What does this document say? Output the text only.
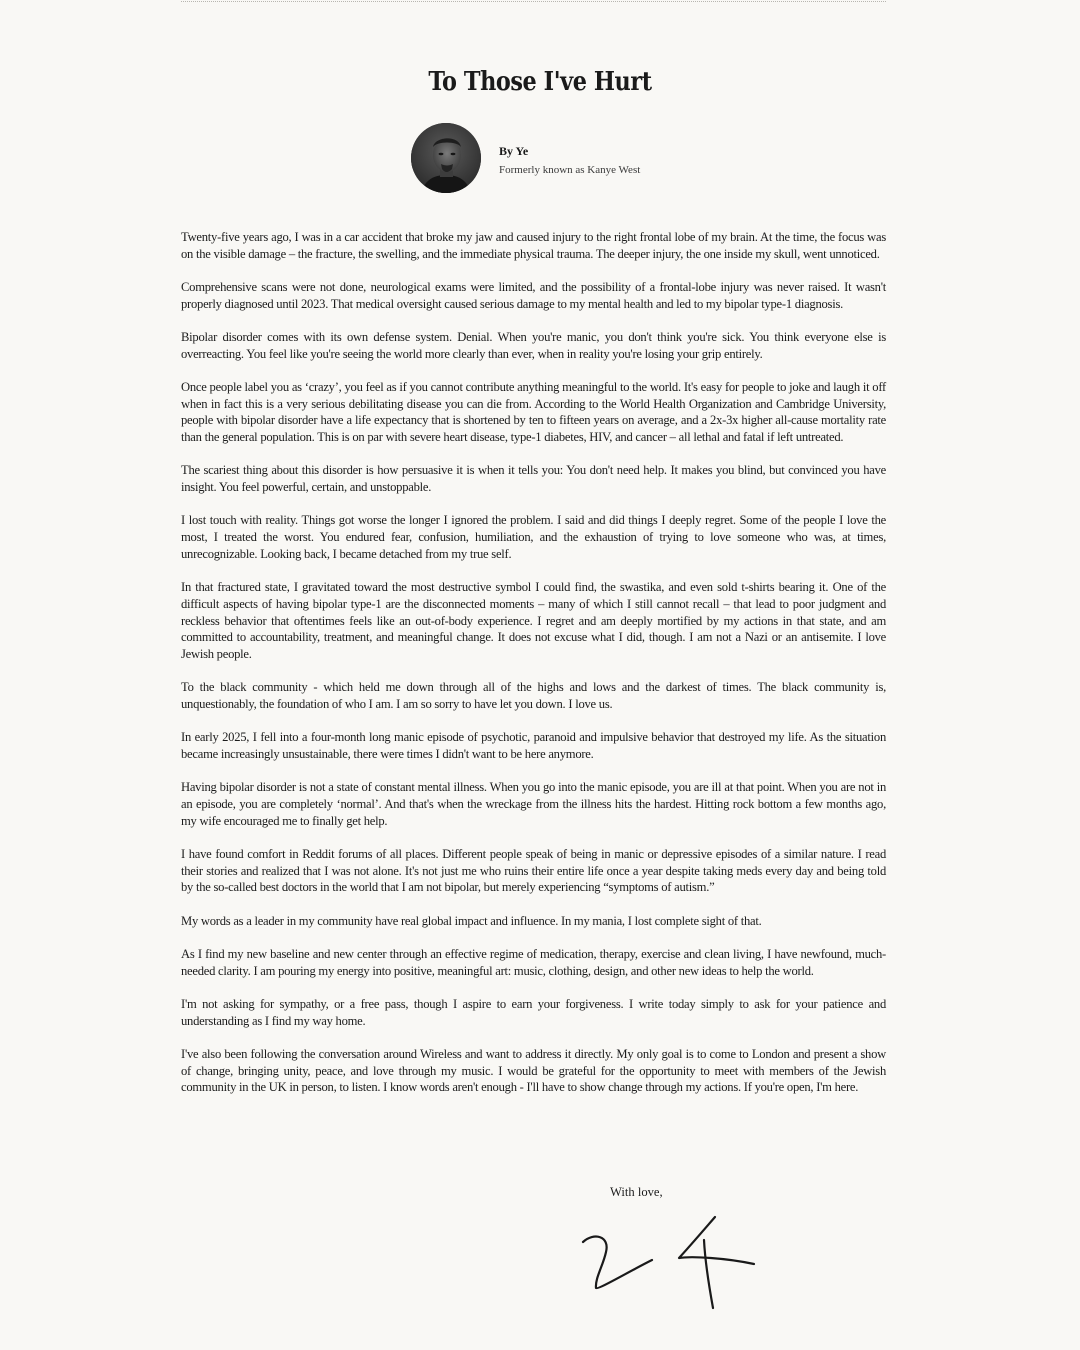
To Those I've Hurt
By Ye
Formerly known as Kanye West

Twenty-five years ago, I was in a car accident that broke my jaw and caused injury to the right frontal lobe of my brain. At the time, the focus was on the visible damage – the fracture, the swelling, and the immediate physical trauma. The deeper injury, the one inside my skull, went unnoticed.

Comprehensive scans were not done, neurological exams were limited, and the possibility of a frontal-lobe injury was never raised. It wasn't properly diagnosed until 2023. That medical oversight caused serious damage to my mental health and led to my bipolar type-1 diagnosis.

Bipolar disorder comes with its own defense system. Denial. When you're manic, you don't think you're sick. You think everyone else is overreacting. You feel like you're seeing the world more clearly than ever, when in reality you're losing your grip entirely.

Once people label you as ‘crazy’, you feel as if you cannot contribute anything meaningful to the world. It's easy for people to joke and laugh it off when in fact this is a very serious debilitating disease you can die from. According to the World Health Organization and Cambridge University, people with bipolar disorder have a life expectancy that is shortened by ten to fifteen years on average, and a 2x-3x higher all-cause mortality rate than the general population. This is on par with severe heart disease, type-1 diabetes, HIV, and cancer – all lethal and fatal if left untreated.

The scariest thing about this disorder is how persuasive it is when it tells you: You don't need help. It makes you blind, but convinced you have insight. You feel powerful, certain, and unstoppable.

I lost touch with reality. Things got worse the longer I ignored the problem. I said and did things I deeply regret. Some of the people I love the most, I treated the worst. You endured fear, confusion, humiliation, and the exhaustion of trying to love someone who was, at times, unrecognizable. Looking back, I became detached from my true self.

In that fractured state, I gravitated toward the most destructive symbol I could find, the swastika, and even sold t-shirts bearing it. One of the difficult aspects of having bipolar type-1 are the disconnected moments – many of which I still cannot recall – that lead to poor judgment and reckless behavior that oftentimes feels like an out-of-body experience. I regret and am deeply mortified by my actions in that state, and am committed to accountability, treatment, and meaningful change. It does not excuse what I did, though. I am not a Nazi or an antisemite. I love Jewish people.

To the black community - which held me down through all of the highs and lows and the darkest of times. The black community is, unquestionably, the foundation of who I am. I am so sorry to have let you down. I love us.

In early 2025, I fell into a four-month long manic episode of psychotic, paranoid and impulsive behavior that destroyed my life. As the situation became increasingly unsustainable, there were times I didn't want to be here anymore.

Having bipolar disorder is not a state of constant mental illness. When you go into the manic episode, you are ill at that point. When you are not in an episode, you are completely ‘normal’. And that's when the wreckage from the illness hits the hardest. Hitting rock bottom a few months ago, my wife encouraged me to finally get help.

I have found comfort in Reddit forums of all places. Different people speak of being in manic or depressive episodes of a similar nature. I read their stories and realized that I was not alone. It's not just me who ruins their entire life once a year despite taking meds every day and being told by the so-called best doctors in the world that I am not bipolar, but merely experiencing “symptoms of autism.”

My words as a leader in my community have real global impact and influence. In my mania, I lost complete sight of that.

As I find my new baseline and new center through an effective regime of medication, therapy, exercise and clean living, I have newfound, much-needed clarity. I am pouring my energy into positive, meaningful art: music, clothing, design, and other new ideas to help the world.

I'm not asking for sympathy, or a free pass, though I aspire to earn your forgiveness. I write today simply to ask for your patience and understanding as I find my way home.

I've also been following the conversation around Wireless and want to address it directly. My only goal is to come to London and present a show of change, bringing unity, peace, and love through my music. I would be grateful for the opportunity to meet with members of the Jewish community in the UK in person, to listen. I know words aren't enough - I'll have to show change through my actions. If you're open, I'm here.

With love,
